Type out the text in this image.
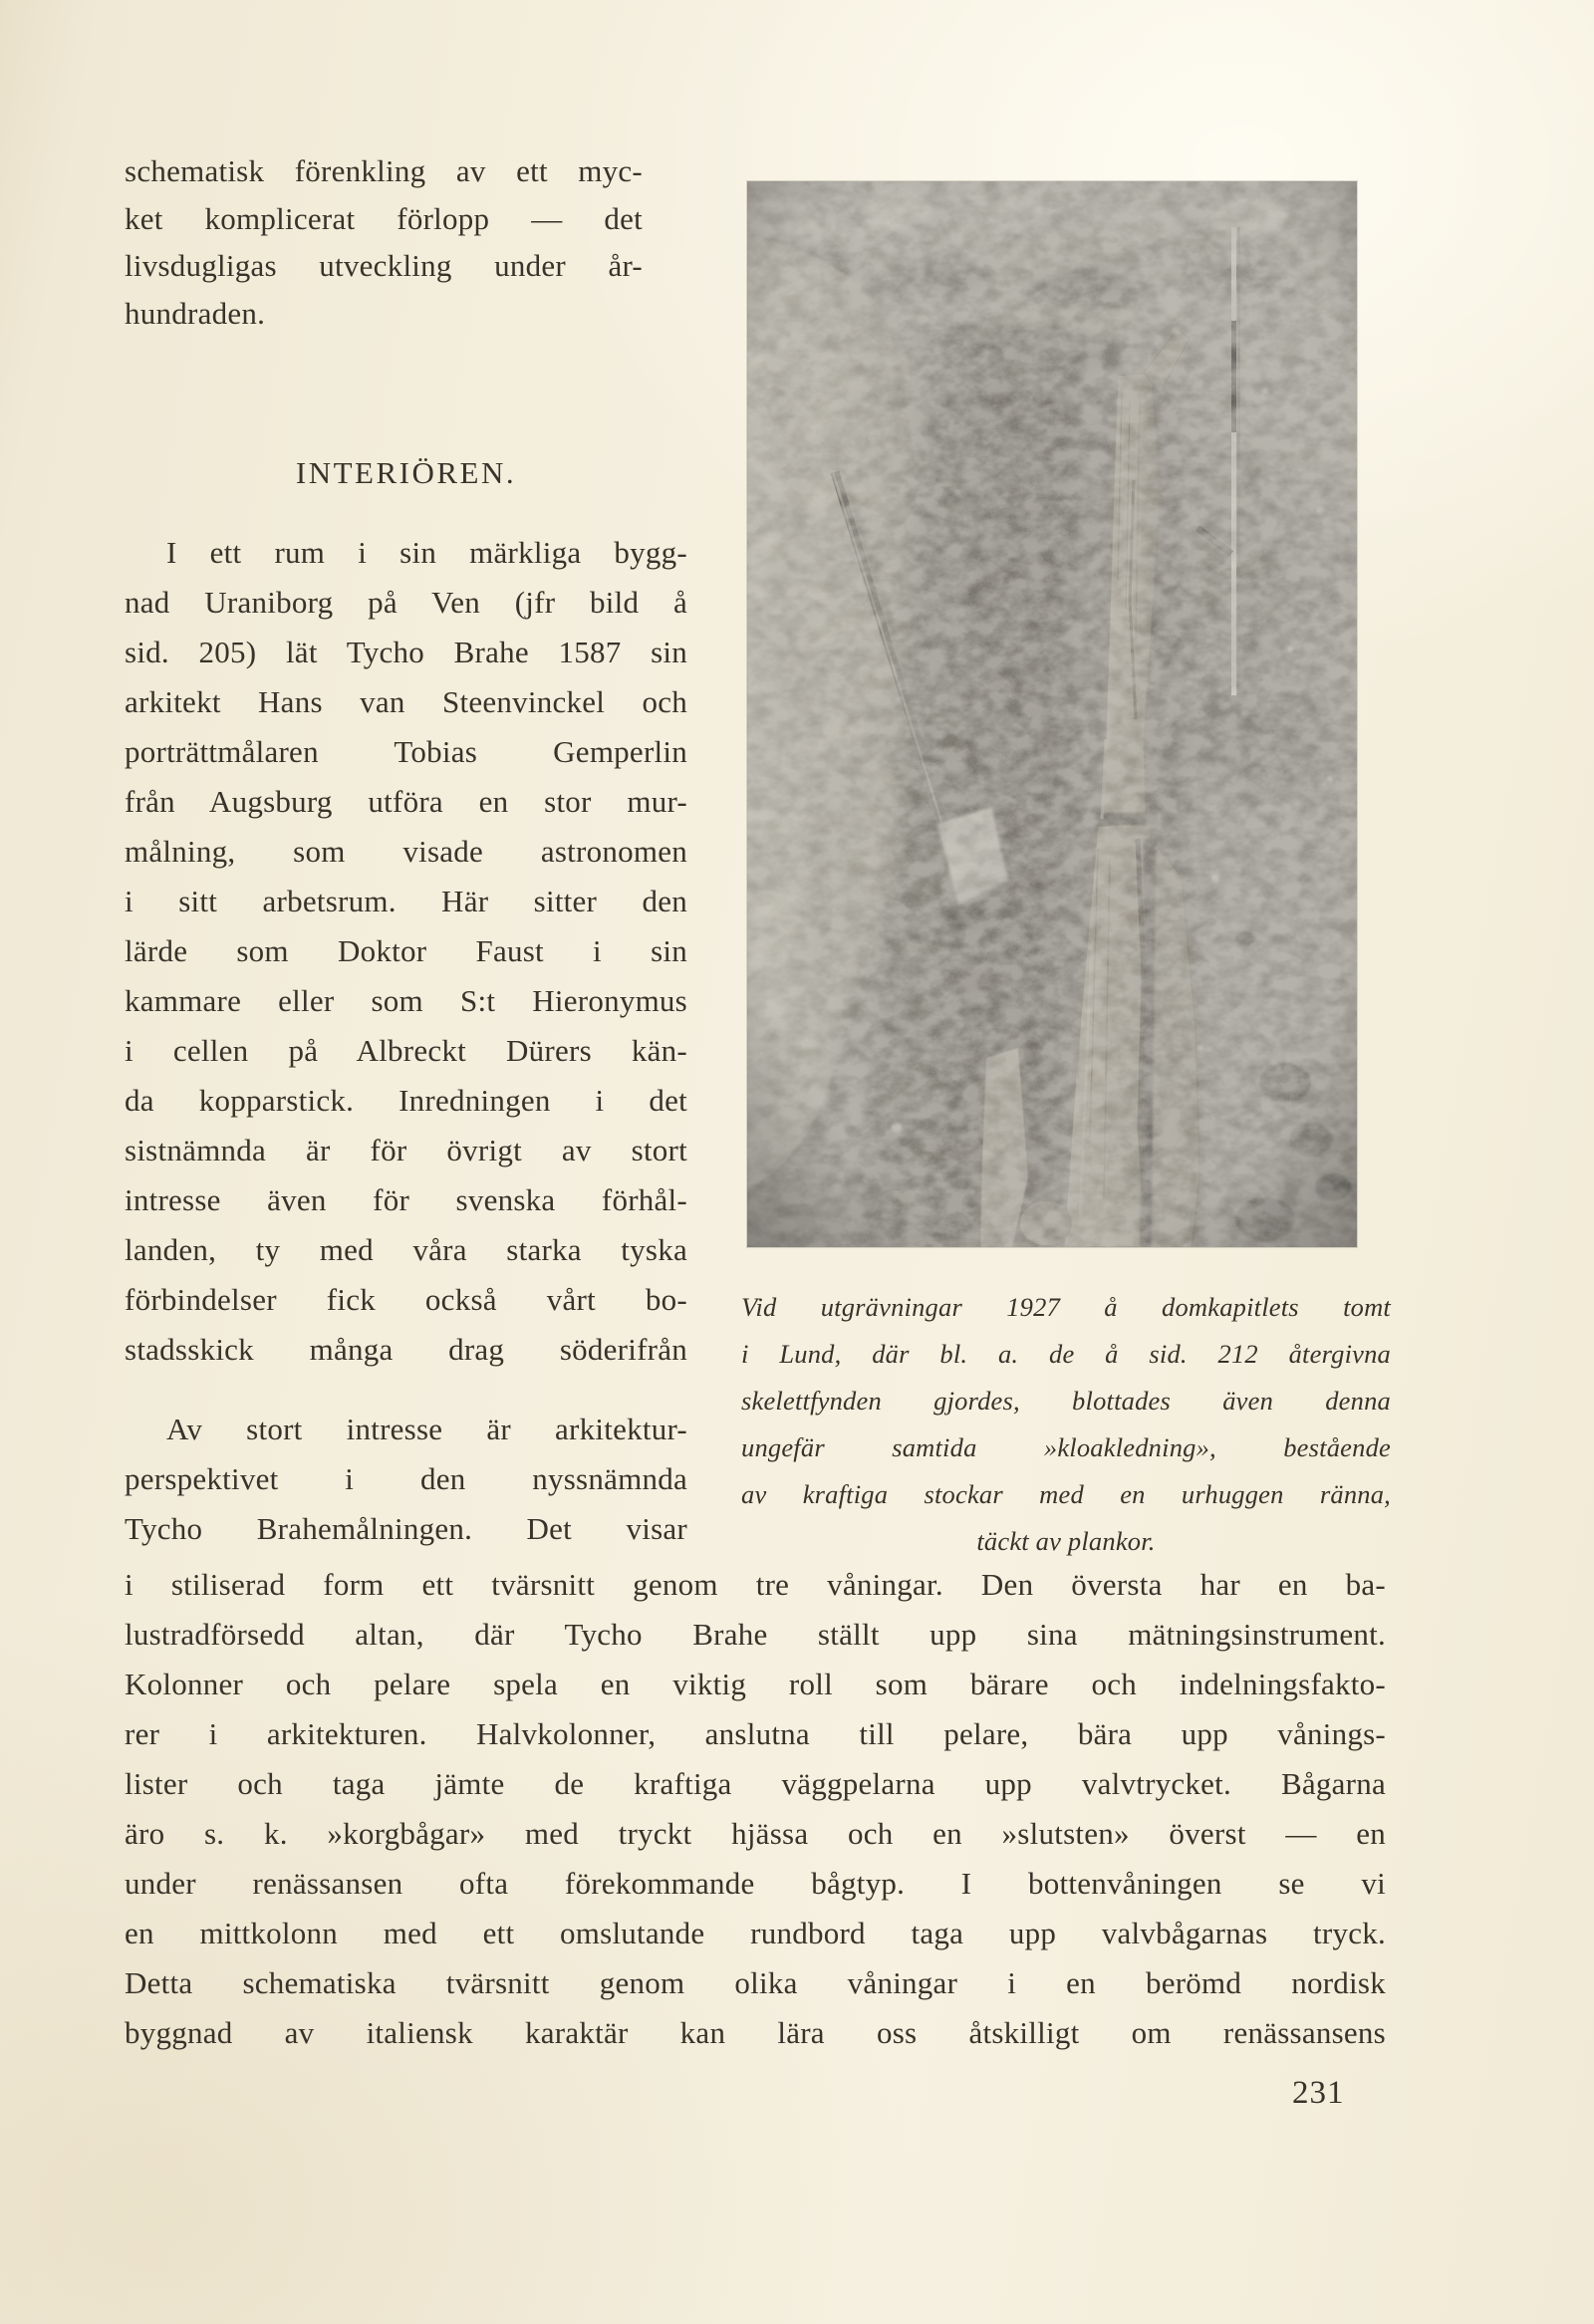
schematisk förenkling av ett myc-
ket komplicerat förlopp — det
livsdugligas utveckling under år-
hundraden.
INTERIÖREN.
I ett rum i sin märkliga bygg-
nad Uraniborg på Ven (jfr bild å
sid. 205) lät Tycho Brahe 1587 sin
arkitekt Hans van Steenvinckel och
porträttmålaren Tobias Gemperlin
från Augsburg utföra en stor mur-
målning, som visade astronomen
i sitt arbetsrum. Här sitter den
lärde som Doktor Faust i sin
kammare eller som S:t Hieronymus
i cellen på Albreckt Dürers kän-
da kopparstick. Inredningen i det
sistnämnda är för övrigt av stort
intresse även för svenska förhål-
landen, ty med våra starka tyska
förbindelser fick också vårt bo-
stadsskick många drag söderifrån
Av stort intresse är arkitektur-
perspektivet i den nyssnämnda
Tycho Brahemålningen. Det visar
Vid utgrävningar 1927 å domkapitlets tomt
i Lund, där bl. a. de å sid. 212 återgivna
skelettfynden gjordes, blottades även denna
ungefär samtida »kloakledning», bestående
av kraftiga stockar med en urhuggen ränna,
täckt av plankor.
i stiliserad form ett tvärsnitt genom tre våningar. Den översta har en ba-
lustradförsedd altan, där Tycho Brahe ställt upp sina mätningsinstrument.
Kolonner och pelare spela en viktig roll som bärare och indelningsfakto-
rer i arkitekturen. Halvkolonner, anslutna till pelare, bära upp vånings-
lister och taga jämte de kraftiga väggpelarna upp valvtrycket. Bågarna
äro s. k. »korgbågar» med tryckt hjässa och en »slutsten» överst — en
under renässansen ofta förekommande bågtyp. I bottenvåningen se vi
en mittkolonn med ett omslutande rundbord taga upp valvbågarnas tryck.
Detta schematiska tvärsnitt genom olika våningar i en berömd nordisk
byggnad av italiensk karaktär kan lära oss åtskilligt om renässansens
231
